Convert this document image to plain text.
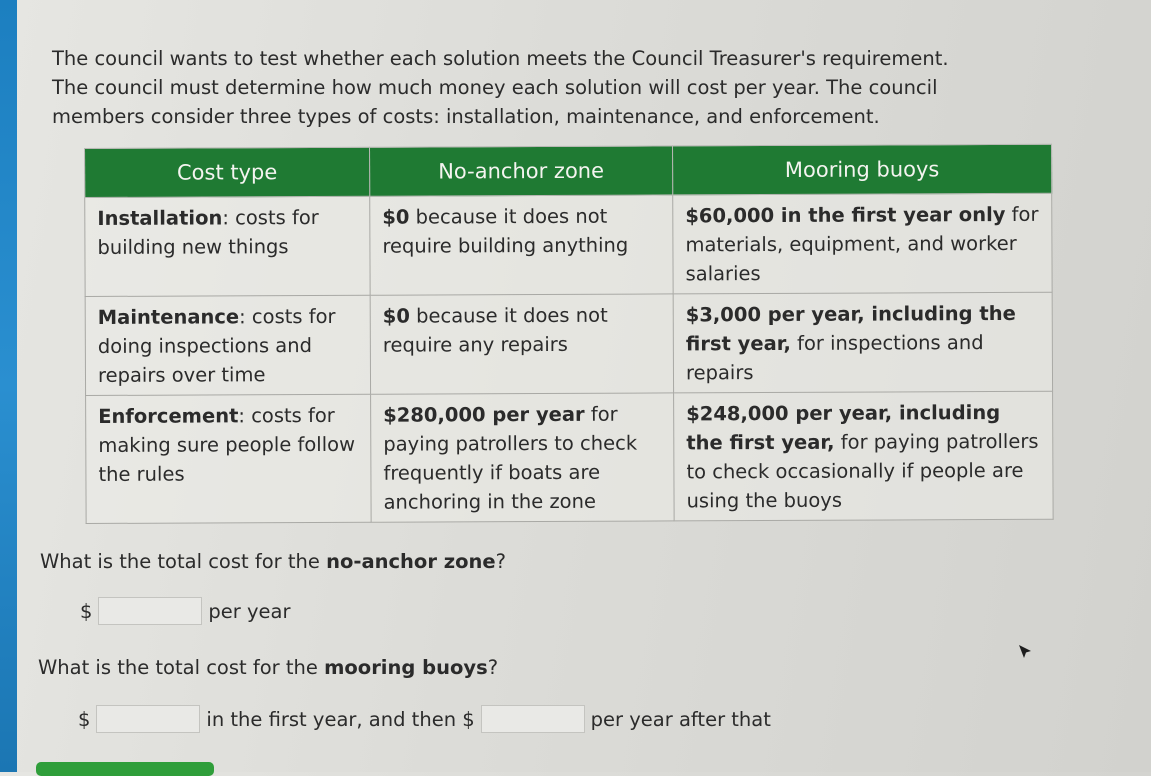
The council wants to test whether each solution meets the Council Treasurer's requirement.

The council must determine how much money each solution will cost per year. The council

members consider three types of costs: installation, maintenance, and enforcement.

Cost type	No-anchor zone	Mooring buoys
Installation: costs for building new things	$0 because it does not require building anything	$60,000 in the first year only for materials, equipment, and worker salaries
Maintenance: costs for doing inspections and repairs over time	$0 because it does not require any repairs	$3,000 per year, including the first year, for inspections and repairs
Enforcement: costs for making sure people follow the rules	$280,000 per year for paying patrollers to check frequently if boats are anchoring in the zone	$248,000 per year, including the first year, for paying patrollers to check occasionally if people are using the buoys

What is the total cost for the no-anchor zone?

$	per year

What is the total cost for the mooring buoys?

$	in the first year, and then $	per year after that
